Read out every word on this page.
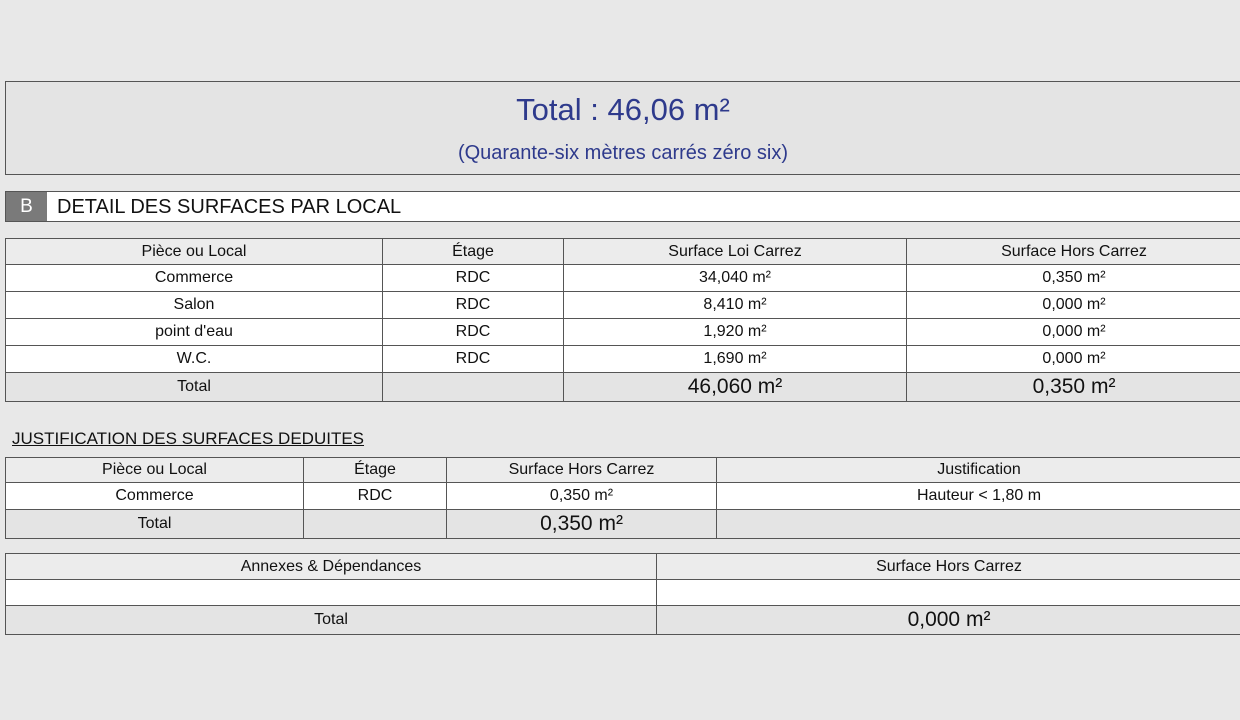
Total : 46,06 m²
(Quarante-six mètres carrés zéro six)
B	DETAIL DES SURFACES PAR LOCAL
Pièce ou Local	Étage	Surface Loi Carrez	Surface Hors Carrez
Commerce	RDC	34,040 m²	0,350 m²
Salon	RDC	8,410 m²	0,000 m²
point d'eau	RDC	1,920 m²	0,000 m²
W.C.	RDC	1,690 m²	0,000 m²
Total		46,060 m²	0,350 m²
JUSTIFICATION DES SURFACES DEDUITES
Pièce ou Local	Étage	Surface Hors Carrez	Justification
Commerce	RDC	0,350 m²	Hauteur < 1,80 m
Total		0,350 m²	
Annexes & Dépendances	Surface Hors Carrez

Total	0,000 m²
